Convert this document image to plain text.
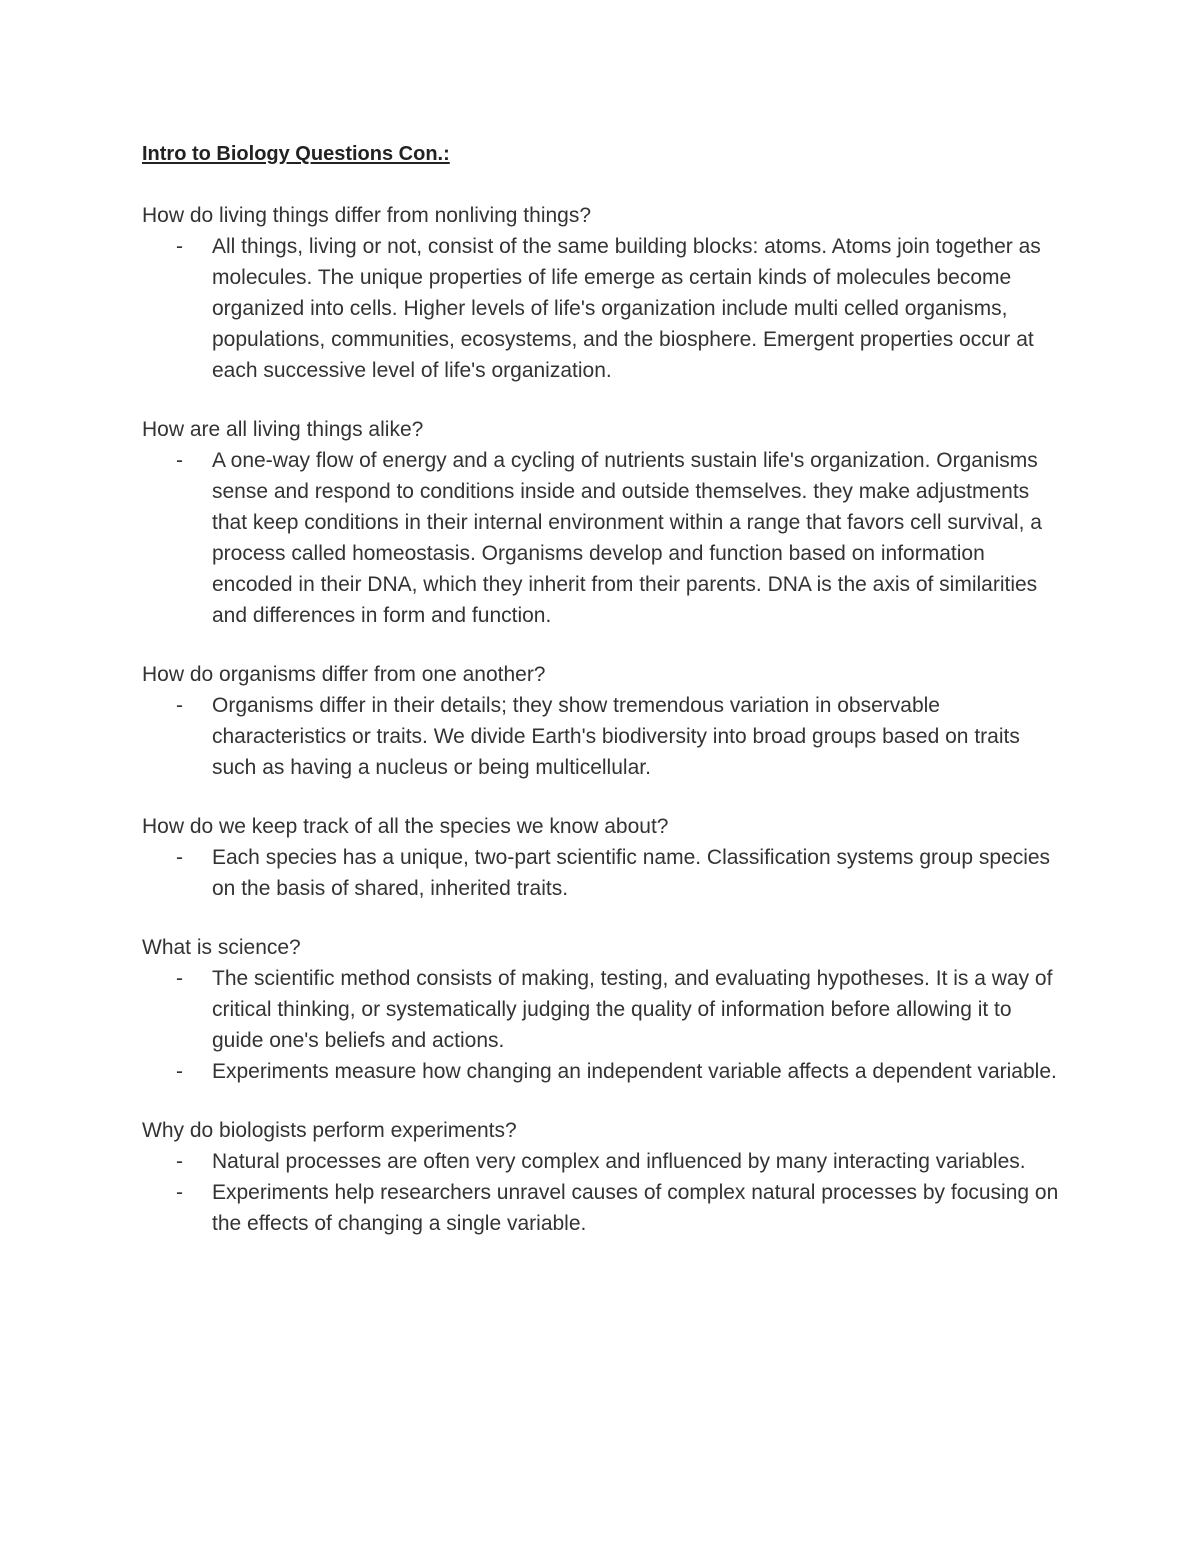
Intro to Biology Questions Con.:

How do living things differ from nonliving things?

- All things, living or not, consist of the same building blocks: atoms. Atoms join together as molecules. The unique properties of life emerge as certain kinds of molecules become organized into cells. Higher levels of life's organization include multi celled organisms, populations, communities, ecosystems, and the biosphere. Emergent properties occur at each successive level of life's organization.

How are all living things alike?

- A one-way flow of energy and a cycling of nutrients sustain life's organization. Organisms sense and respond to conditions inside and outside themselves. they make adjustments that keep conditions in their internal environment within a range that favors cell survival, a process called homeostasis. Organisms develop and function based on information encoded in their DNA, which they inherit from their parents. DNA is the axis of similarities and differences in form and function.

How do organisms differ from one another?

- Organisms differ in their details; they show tremendous variation in observable characteristics or traits. We divide Earth's biodiversity into broad groups based on traits such as having a nucleus or being multicellular.

How do we keep track of all the species we know about?

- Each species has a unique, two-part scientific name. Classification systems group species on the basis of shared, inherited traits.

What is science?

- The scientific method consists of making, testing, and evaluating hypotheses. It is a way of critical thinking, or systematically judging the quality of information before allowing it to guide one's beliefs and actions.
- Experiments measure how changing an independent variable affects a dependent variable.

Why do biologists perform experiments?

- Natural processes are often very complex and influenced by many interacting variables.
- Experiments help researchers unravel causes of complex natural processes by focusing on the effects of changing a single variable.
